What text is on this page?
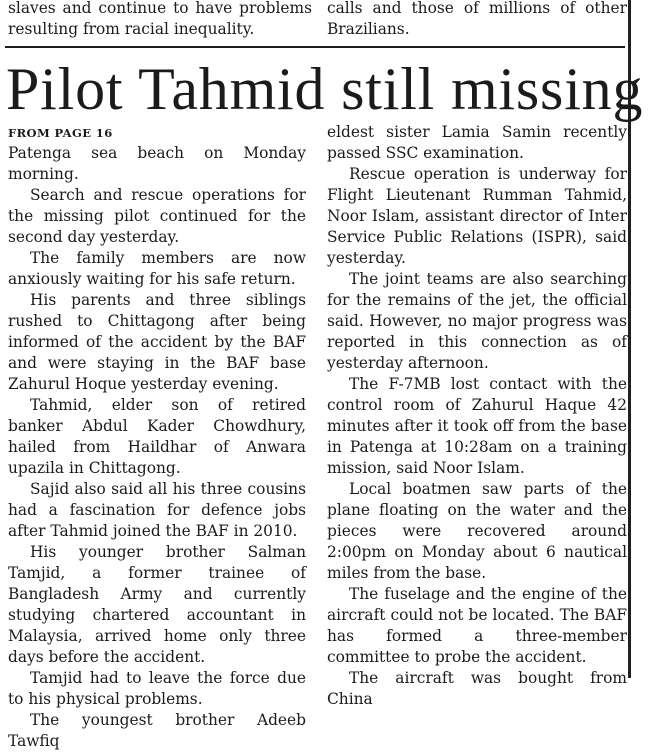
slaves and continue to have problems resulting from racial inequality.

calls and those of millions of other Brazilians.

Pilot Tahmid still missing
FROM PAGE 16

Patenga sea beach on Monday morning.

Search and rescue operations for the missing pilot continued for the second day yesterday.

The family members are now anxiously waiting for his safe return.

His parents and three siblings rushed to Chittagong after being informed of the accident by the BAF and were staying in the BAF base Zahurul Hoque yesterday evening.

Tahmid, elder son of retired banker Abdul Kader Chowdhury, hailed from Haildhar of Anwara upazila in Chittagong.

Sajid also said all his three cousins had a fascination for defence jobs after Tahmid joined the BAF in 2010.

His younger brother Salman Tamjid, a former trainee of Bangladesh Army and currently studying chartered accountant in Malaysia, arrived home only three days before the accident.

Tamjid had to leave the force due to his physical problems.

The youngest brother Adeeb Tawfiq

eldest sister Lamia Samin recently passed SSC examination.

Rescue operation is underway for Flight Lieutenant Rumman Tahmid, Noor Islam, assistant director of Inter Service Public Relations (ISPR), said yesterday.

The joint teams are also searching for the remains of the jet, the official said. However, no major progress was reported in this connection as of yesterday afternoon.

The F-7MB lost contact with the control room of Zahurul Haque 42 minutes after it took off from the base in Patenga at 10:28am on a training mission, said Noor Islam.

Local boatmen saw parts of the plane floating on the water and the pieces were recovered around 2:00pm on Monday about 6 nautical miles from the base.

The fuselage and the engine of the aircraft could not be located. The BAF has formed a three-member committee to probe the accident.

The aircraft was bought from China
